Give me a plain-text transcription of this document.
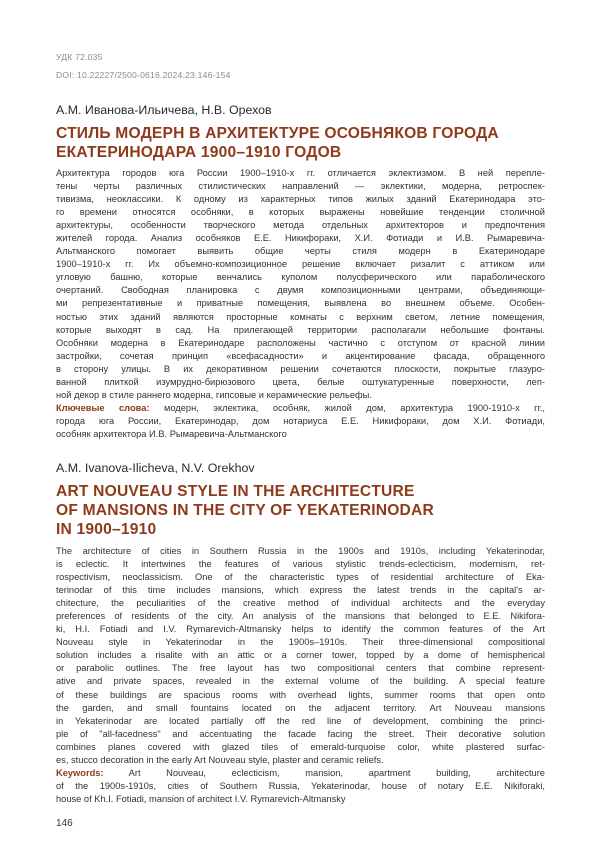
УДК 72.035
DOI: 10.22227/2500-0616.2024.23.146-154
А.М. Иванова-Ильичева, Н.В. Орехов
СТИЛЬ МОДЕРН В АРХИТЕКТУРЕ ОСОБНЯКОВ ГОРОДА
ЕКАТЕРИНОДАРА 1900–1910 ГОДОВ
Архитектура городов юга России 1900–1910-х гг. отличается эклектизмом. В ней перепле-
тены черты различных стилистических направлений — эклектики, модерна, ретроспек-
тивизма, неоклассики. К одному из характерных типов жилых зданий Екатеринодара это-
го времени относятся особняки, в которых выражены новейшие тенденции столичной
архитектуры, особенности творческого метода отдельных архитекторов и предпочтения
жителей города. Анализ особняков Е.Е. Никифораки, Х.И. Фотиади и И.В. Рымаревича-
Альтманского помогает выявить общие черты стиля модерн в Екатеринодаре
1900–1910-х гг. Их объемно-композиционное решение включает ризалит с аттиком или
угловую башню, которые венчались куполом полусферического или параболического
очертаний. Свободная планировка с двумя композиционными центрами, объединяющи-
ми репрезентативные и приватные помещения, выявлена во внешнем объеме. Особен-
ностью этих зданий являются просторные комнаты с верхним светом, летние помещения,
которые выходят в сад. На прилегающей территории располагали небольшие фонтаны.
Особняки модерна в Екатеринодаре расположены частично с отступом от красной линии
застройки, сочетая принцип «всефасадности» и акцентирование фасада, обращенного
в сторону улицы. В их декоративном решении сочетаются плоскости, покрытые глазуро-
ванной плиткой изумрудно-бирюзового цвета, белые оштукатуренные поверхности, леп-
ной декор в стиле раннего модерна, гипсовые и керамические рельефы.
Ключевые слова: модерн, эклектика, особняк, жилой дом, архитектура 1900-1910-х гг.,
города юга России, Екатеринодар, дом нотариуса Е.Е. Никифораки, дом Х.И. Фотиади,
особняк архитектора И.В. Рымаревича-Альтманского
A.M. Ivanova-Ilicheva, N.V. Orekhov
ART NOUVEAU STYLE IN THE ARCHITECTURE
OF MANSIONS IN THE CITY OF YEKATERINODAR
IN 1900–1910
The architecture of cities in Southern Russia in the 1900s and 1910s, including Yekaterinodar,
is eclectic. It intertwines the features of various stylistic trends-eclecticism, modernism, ret-
rospectivism, neoclassicism. One of the characteristic types of residential architecture of Eka-
terinodar of this time includes mansions, which express the latest trends in the capital's ar-
chitecture, the peculiarities of the creative method of individual architects and the everyday
preferences of residents of the city. An analysis of the mansions that belonged to E.E. Nikifora-
ki, H.I. Fotiadi and I.V. Rymarevich-Altmansky helps to identify the common features of the Art
Nouveau style in Yekaterinodar in the 1900s–1910s. Their three-dimensional compositional
solution includes a risalite with an attic or a corner tower, topped by a dome of hemispherical
or parabolic outlines. The free layout has two compositional centers that combine represent-
ative and private spaces, revealed in the external volume of the building. A special feature
of these buildings are spacious rooms with overhead lights, summer rooms that open onto
the garden, and small fountains located on the adjacent territory. Art Nouveau mansions
in Yekaterinodar are located partially off the red line of development, combining the princi-
ple of "all-facedness" and accentuating the facade facing the street. Their decorative solution
combines planes covered with glazed tiles of emerald-turquoise color, white plastered surfac-
es, stucco decoration in the early Art Nouveau style, plaster and ceramic reliefs.
Keywords:	Art Nouveau, eclecticism, mansion, apartment building, architecture
of the 1900s-1910s, cities of Southern Russia, Yekaterinodar, house of notary E.E. Nikiforaki,
house of Kh.I. Fotiadi, mansion of architect I.V. Rymarevich-Altmansky
146
